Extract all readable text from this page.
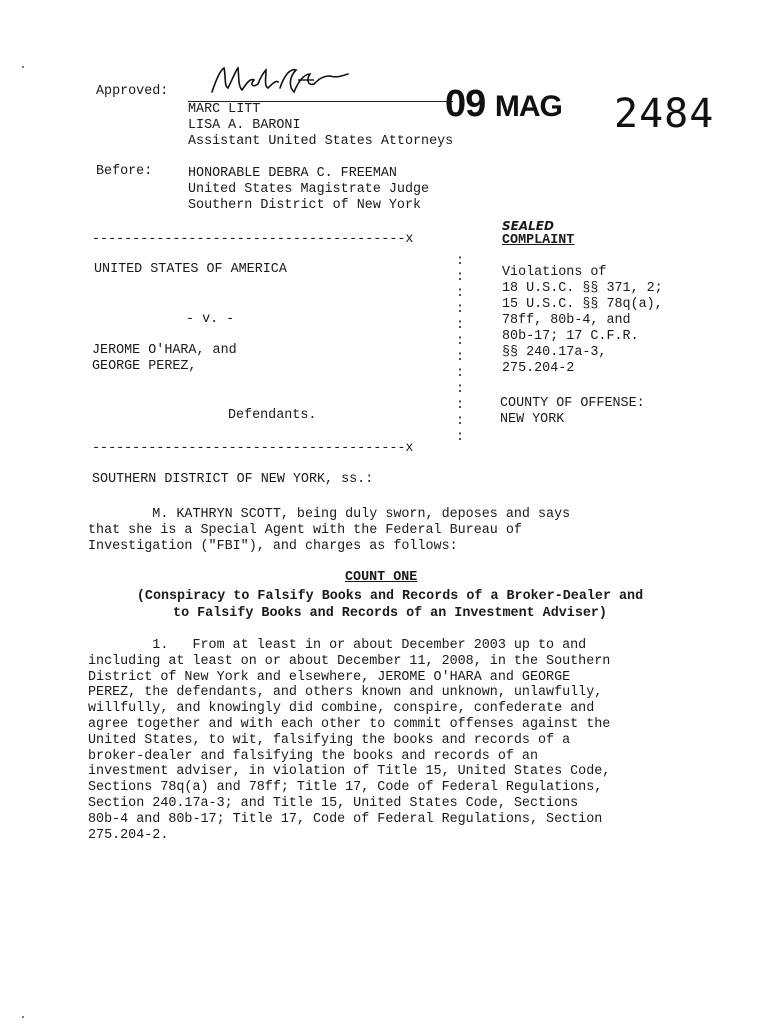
Approved:
MARC LITT
LISA A. BARONI
Assistant United States Attorneys
09 MAG 2484
Before:	HONORABLE DEBRA C. FREEMAN
United States Magistrate Judge
Southern District of New York
---------------------------------------x
SEALED
COMPLAINT
:
:
:
:
:
:
:
:
:
:
:
:
UNITED STATES OF AMERICA
- v. -
JEROME O'HARA, and
GEORGE PEREZ,
Defendants.
Violations of
18 U.S.C. §§ 371, 2;
15 U.S.C. §§ 78q(a),
78ff, 80b-4, and
80b-17; 17 C.F.R.
§§ 240.17a-3,
275.204-2
COUNTY OF OFFENSE:
NEW YORK
---------------------------------------x
SOUTHERN DISTRICT OF NEW YORK, ss.:
M. KATHRYN SCOTT, being duly sworn, deposes and says
that she is a Special Agent with the Federal Bureau of
Investigation ("FBI"), and charges as follows:
COUNT ONE
(Conspiracy to Falsify Books and Records of a Broker-Dealer and
to Falsify Books and Records of an Investment Adviser)
1.   From at least in or about December 2003 up to and
including at least on or about December 11, 2008, in the Southern
District of New York and elsewhere, JEROME O'HARA and GEORGE
PEREZ, the defendants, and others known and unknown, unlawfully,
willfully, and knowingly did combine, conspire, confederate and
agree together and with each other to commit offenses against the
United States, to wit, falsifying the books and records of a
broker-dealer and falsifying the books and records of an
investment adviser, in violation of Title 15, United States Code,
Sections 78q(a) and 78ff; Title 17, Code of Federal Regulations,
Section 240.17a-3; and Title 15, United States Code, Sections
80b-4 and 80b-17; Title 17, Code of Federal Regulations, Section
275.204-2.
